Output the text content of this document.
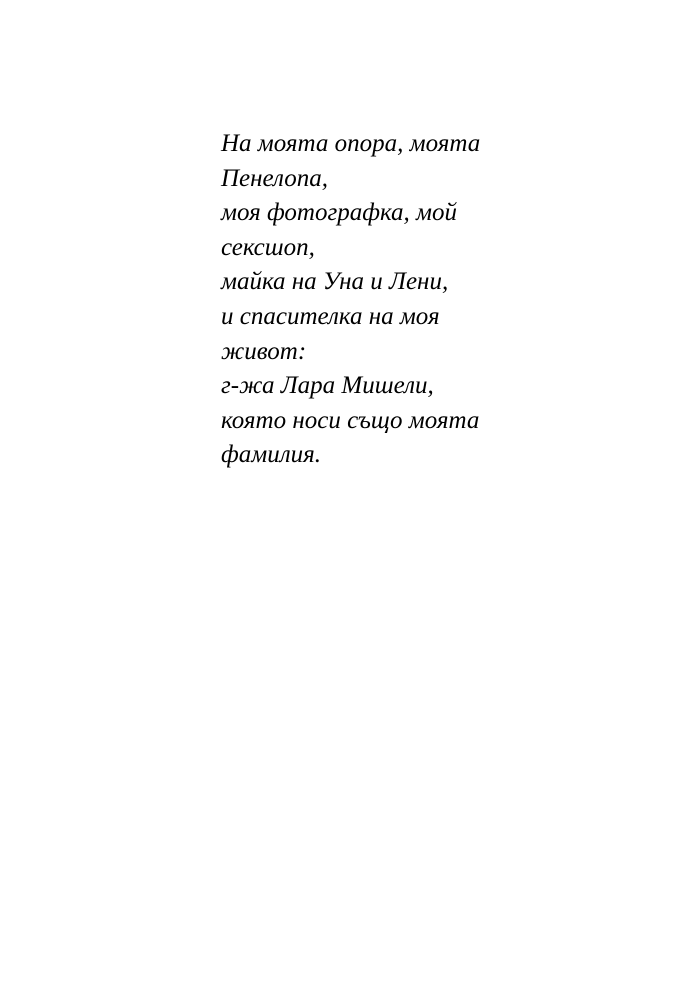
На моята опора, моята
Пенелопа,
моя фотографка, мой
сексшоп,
майка на Уна и Лени,
и спасителка на моя
живот:
г-жа Лара Мишели,
която носи също моята
фамилия.
